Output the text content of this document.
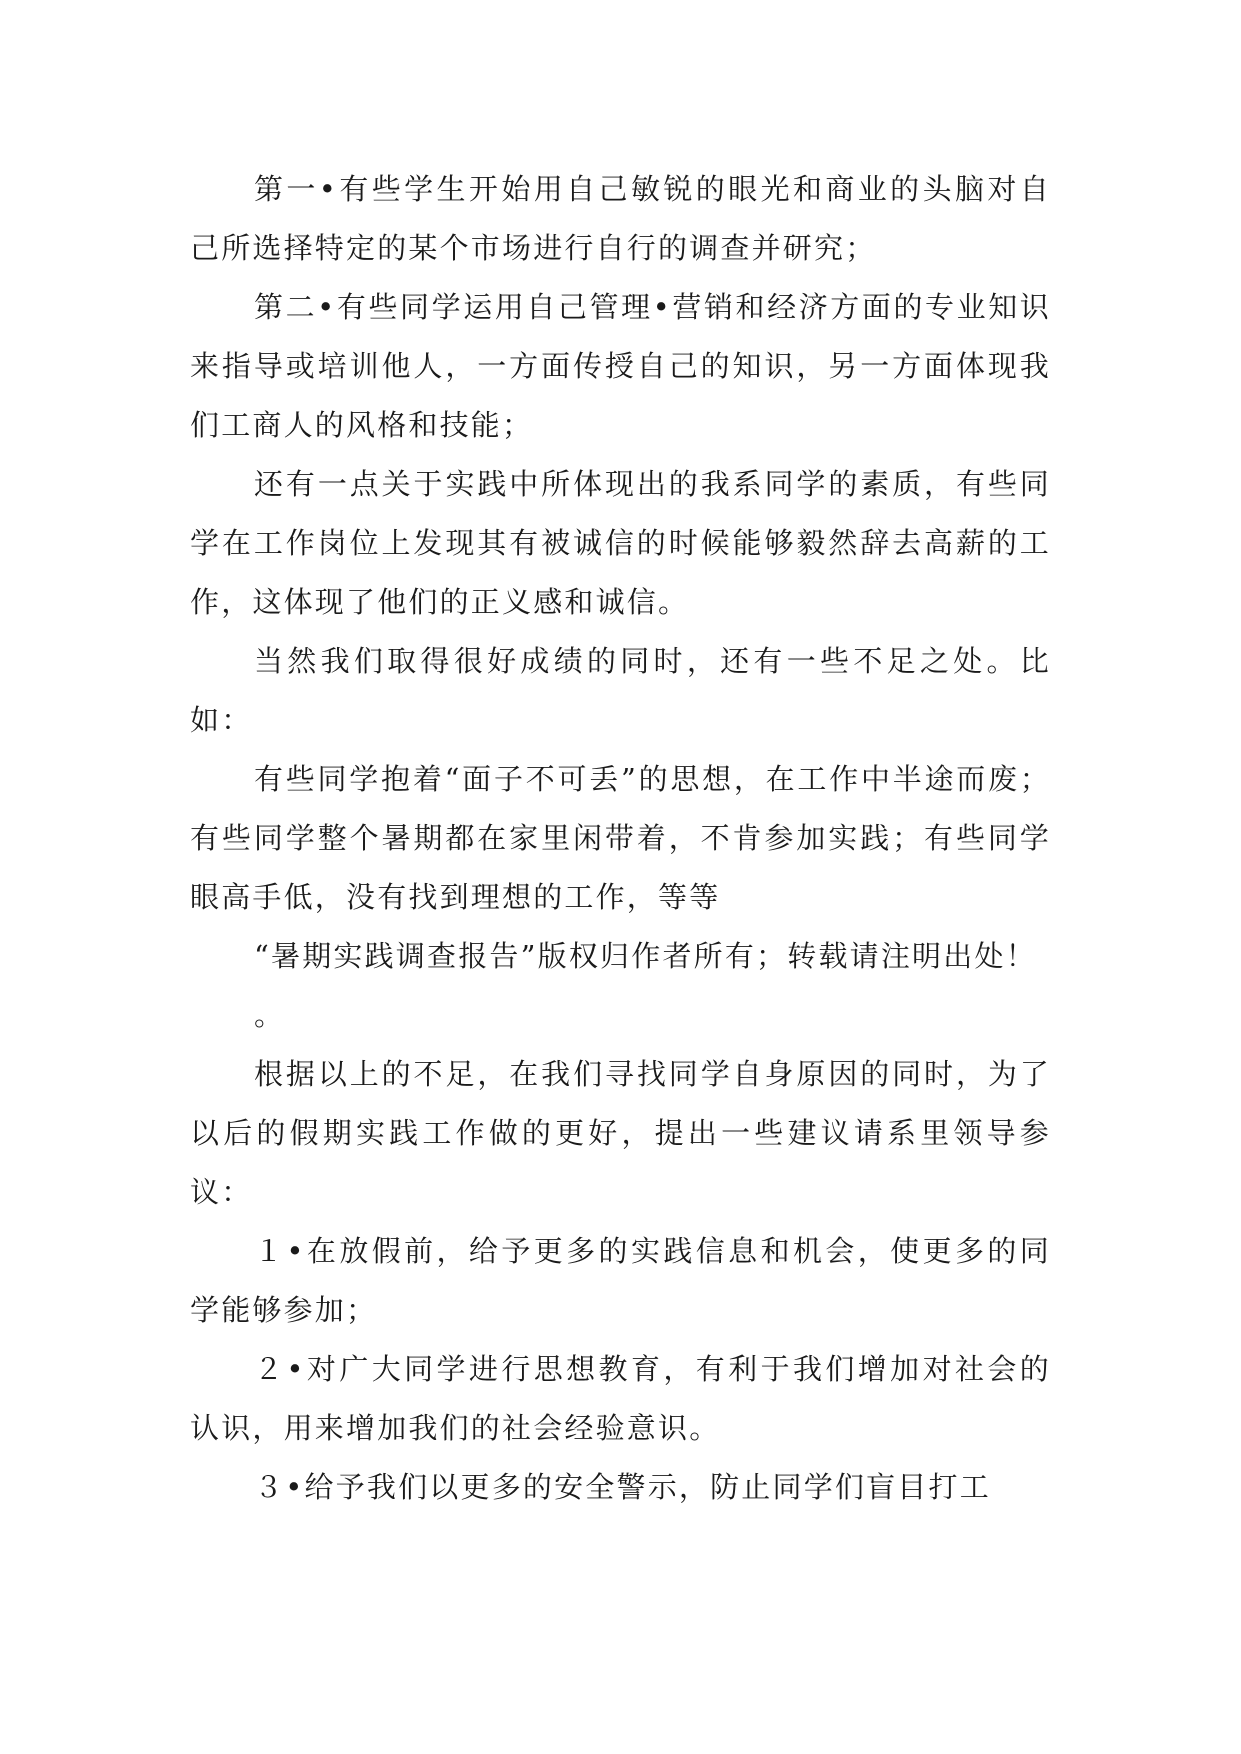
第一•有些学生开始用自己敏锐的眼光和商业的头脑对自己所选择特定的某个市场进行自行的调查并研究；

第二•有些同学运用自己管理•营销和经济方面的专业知识来指导或培训他人，一方面传授自己的知识，另一方面体现我们工商人的风格和技能；

还有一点关于实践中所体现出的我系同学的素质，有些同学在工作岗位上发现其有被诚信的时候能够毅然辞去高薪的工作，这体现了他们的正义感和诚信。

当然我们取得很好成绩的同时，还有一些不足之处。比如：

有些同学抱着“面子不可丢”的思想，在工作中半途而废；有些同学整个暑期都在家里闲带着，不肯参加实践；有些同学眼高手低，没有找到理想的工作，等等

“暑期实践调查报告”版权归作者所有；转载请注明出处！

。

根据以上的不足，在我们寻找同学自身原因的同时，为了以后的假期实践工作做的更好，提出一些建议请系里领导参议：

１•在放假前，给予更多的实践信息和机会，使更多的同学能够参加；

２•对广大同学进行思想教育，有利于我们增加对社会的认识，用来增加我们的社会经验意识。

３•给予我们以更多的安全警示，防止同学们盲目打工
